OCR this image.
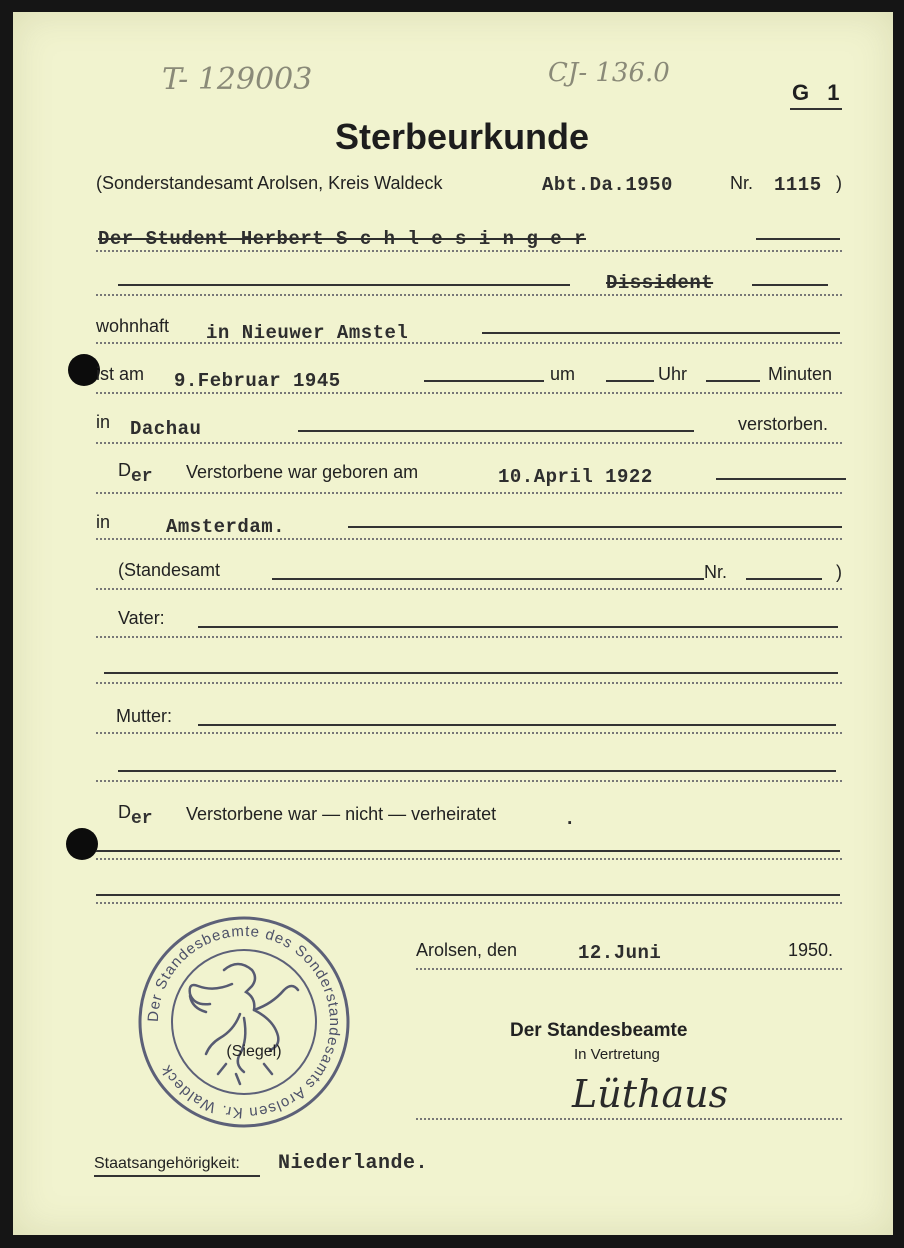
T- 129003	CJ- 136.0
G 1
Sterbeurkunde
(Sonderstandesamt Arolsen, Kreis Waldeck	Abt.Da.1950	Nr. 1115 )
Der Student Herbert S c h l e s i n g e r
Dissident
wohnhaft in Nieuwer Amstel
ist am 9.Februar 1945	um	Uhr	Minuten
in Dachau	verstorben.
Der Verstorbene war geboren am	10.April 1922
in	Amsterdam.
(Standesamt	Nr.	)
Vater:
Mutter:
Der Verstorbene war — nicht — verheiratet	.
Arolsen, den	12.Juni	1950.
Der Standesbeamte
In Vertretung
Lüthaus
Der Standesbeamte des Sonderstandesamts Arolsen Kr. Waldeck
(Siegel)
Staatsangehörigkeit: Niederlande.
